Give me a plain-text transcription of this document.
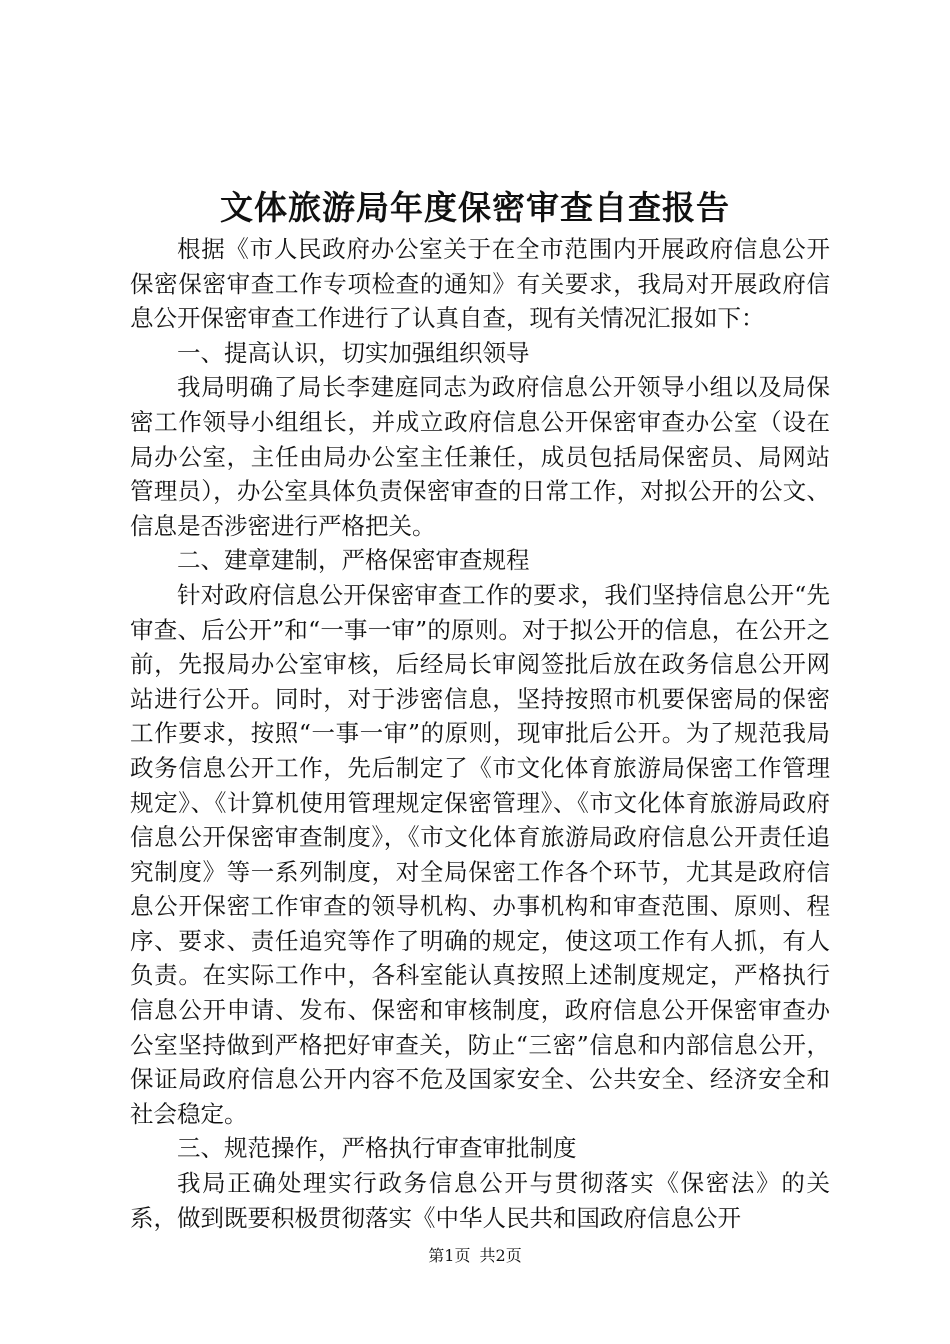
文体旅游局年度保密审查自查报告

根据《市人民政府办公室关于在全市范围内开展政府信息公开保密保密审查工作专项检查的通知》有关要求，我局对开展政府信息公开保密审查工作进行了认真自查，现有关情况汇报如下：

一、提高认识，切实加强组织领导

我局明确了局长李建庭同志为政府信息公开领导小组以及局保密工作领导小组组长，并成立政府信息公开保密审查办公室（设在局办公室，主任由局办公室主任兼任，成员包括局保密员、局网站管理员），办公室具体负责保密审查的日常工作，对拟公开的公文、信息是否涉密进行严格把关。

二、建章建制，严格保密审查规程

针对政府信息公开保密审查工作的要求，我们坚持信息公开“先审查、后公开”和“一事一审”的原则。对于拟公开的信息，在公开之前，先报局办公室审核，后经局长审阅签批后放在政务信息公开网站进行公开。同时，对于涉密信息，坚持按照市机要保密局的保密工作要求，按照“一事一审”的原则，现审批后公开。为了规范我局政务信息公开工作，先后制定了《市文化体育旅游局保密工作管理规定》、《计算机使用管理规定保密管理》、《市文化体育旅游局政府信息公开保密审查制度》，《市文化体育旅游局政府信息公开责任追究制度》等一系列制度，对全局保密工作各个环节，尤其是政府信息公开保密工作审查的领导机构、办事机构和审查范围、原则、程序、要求、责任追究等作了明确的规定，使这项工作有人抓，有人负责。在实际工作中，各科室能认真按照上述制度规定，严格执行信息公开申请、发布、保密和审核制度，政府信息公开保密审查办公室坚持做到严格把好审查关，防止“三密”信息和内部信息公开，保证局政府信息公开内容不危及国家安全、公共安全、经济安全和社会稳定。

三、规范操作，严格执行审查审批制度

我局正确处理实行政务信息公开与贯彻落实《保密法》的关系，做到既要积极贯彻落实《中华人民共和国政府信息公开

第1页 共2页
